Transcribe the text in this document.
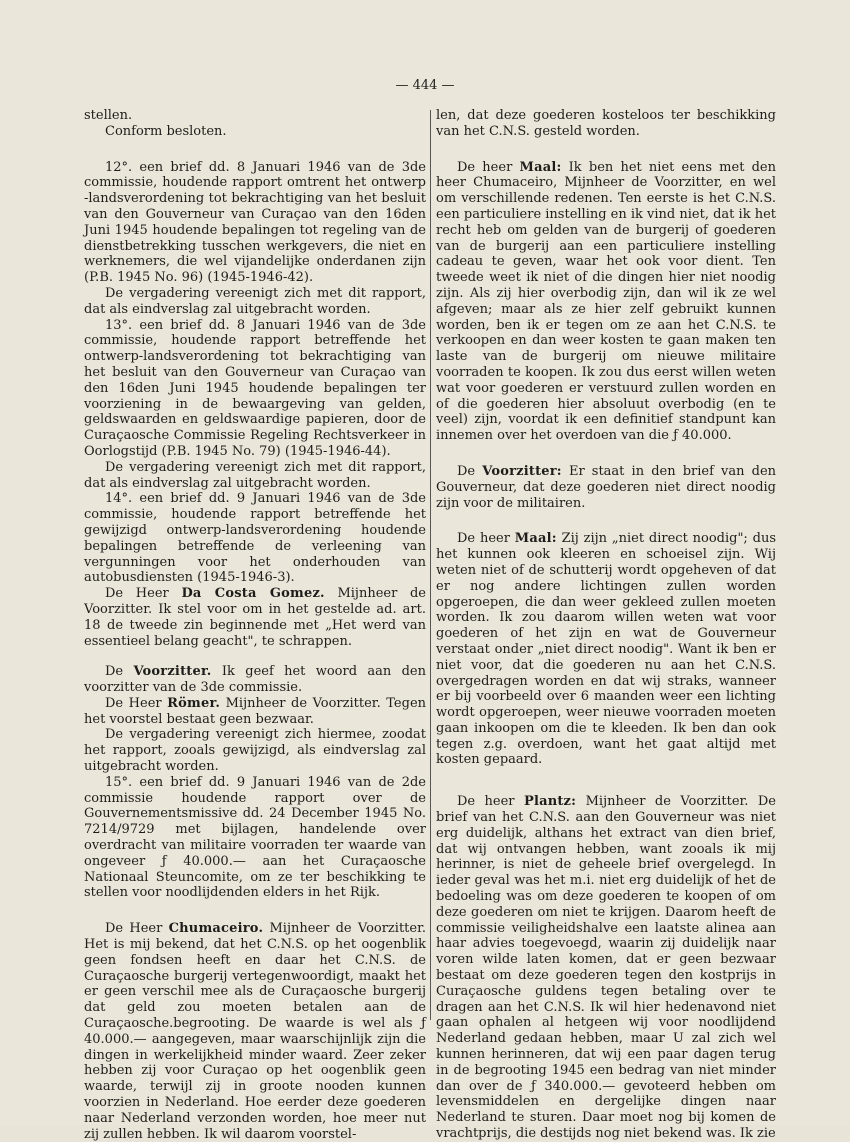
— 444 —

stellen.

Conform besloten.

12°. een brief dd. 8 Januari 1946 van de 3de commissie, houdende rapport omtrent het ontwerp -landsverordening tot bekrachtiging van het besluit van den Gouverneur van Curaçao van den 16den Juni 1945 houdende bepalingen tot regeling van de dienstbetrekking tusschen werkgevers, die niet en werknemers, die wel vijandelijke onderdanen zijn (P.B. 1945 No. 96) (1945-1946-42).

De vergadering vereenigt zich met dit rapport, dat als eindverslag zal uitgebracht worden.

13°. een brief dd. 8 Januari 1946 van de 3de commissie, houdende rapport betreffende het ontwerp-landsverordening tot bekrachtiging van het besluit van den Gouverneur van Curaçao van den 16den Juni 1945 houdende bepalingen ter voorziening in de bewaargeving van gelden, geldswaarden en geldswaardige papieren, door de Curaçaosche Commissie Regeling Rechtsverkeer in Oorlogstijd (P.B. 1945 No. 79) (1945-1946-44).

De vergadering vereenigt zich met dit rapport, dat als eindverslag zal uitgebracht worden.

14°. een brief dd. 9 Januari 1946 van de 3de commissie, houdende rapport betreffende het gewijzigd ontwerp-landsverordening houdende bepalingen betreffende de verleening van vergunningen voor het onderhouden van autobusdiensten (1945-1946-3).

De Heer Da Costa Gomez. Mijnheer de Voorzitter. Ik stel voor om in het gestelde ad. art. 18 de tweede zin beginnende met „Het werd van essentieel belang geacht", te schrappen.

De Voorzitter. Ik geef het woord aan den voorzitter van de 3de commissie.

De Heer Römer. Mijnheer de Voorzitter. Tegen het voorstel bestaat geen bezwaar.

De vergadering vereenigt zich hiermee, zoodat het rapport, zooals gewijzigd, als eindverslag zal uitgebracht worden.

15°. een brief dd. 9 Januari 1946 van de 2de commissie houdende rapport over de Gouvernementsmissive dd. 24 December 1945 No. 7214/9729 met bijlagen, handelende over overdracht van militaire voorraden ter waarde van ongeveer ƒ 40.000.— aan het Curaçaosche Nationaal Steuncomite, om ze ter beschikking te stellen voor noodlijdenden elders in het Rijk.

De Heer Chumaceiro. Mijnheer de Voorzitter. Het is mij bekend, dat het C.N.S. op het oogenblik geen fondsen heeft en daar het C.N.S. de Curaçaosche burgerij vertegenwoordigt, maakt het er geen verschil mee als de Curaçaosche burgerij dat geld zou moeten betalen aan de Curaçaosche.begrooting. De waarde is wel als ƒ 40.000.— aangegeven, maar waarschijnlijk zijn die dingen in werkelijkheid minder waard. Zeer zeker hebben zij voor Curaçao op het oogenblik geen waarde, terwijl zij in groote nooden kunnen voorzien in Nederland. Hoe eerder deze goederen naar Nederland verzonden worden, hoe meer nut zij zullen hebben. Ik wil daarom voorstel-

len, dat deze goederen kosteloos ter beschikking van het C.N.S. gesteld worden.

De heer Maal: Ik ben het niet eens met den heer Chumaceiro, Mijnheer de Voorzitter, en wel om verschillende redenen. Ten eerste is het C.N.S. een particuliere instelling en ik vind niet, dat ik het recht heb om gelden van de burgerij of goederen van de burgerij aan een particuliere instelling cadeau te geven, waar het ook voor dient. Ten tweede weet ik niet of die dingen hier niet noodig zijn. Als zij hier overbodig zijn, dan wil ik ze wel afgeven; maar als ze hier zelf gebruikt kunnen worden, ben ik er tegen om ze aan het C.N.S. te verkoopen en dan weer kosten te gaan maken ten laste van de burgerij om nieuwe militaire voorraden te koopen. Ik zou dus eerst willen weten wat voor goederen er verstuurd zullen worden en of die goederen hier absoluut overbodig (en te veel) zijn, voordat ik een definitief standpunt kan innemen over het overdoen van die ƒ 40.000.

De Voorzitter: Er staat in den brief van den Gouverneur, dat deze goederen niet direct noodig zijn voor de militairen.

De heer Maal: Zij zijn „niet direct noodig"; dus het kunnen ook kleeren en schoeisel zijn. Wij weten niet of de schutterij wordt opgeheven of dat er nog andere lichtingen zullen worden opgeroepen, die dan weer gekleed zullen moeten worden. Ik zou daarom willen weten wat voor goederen of het zijn en wat de Gouverneur verstaat onder „niet direct noodig". Want ik ben er niet voor, dat die goederen nu aan het C.N.S. overgedragen worden en dat wij straks, wanneer er bij voorbeeld over 6 maanden weer een lichting wordt opgeroepen, weer nieuwe voorraden moeten gaan inkoopen om die te kleeden. Ik ben dan ook tegen z.g. overdoen, want het gaat altijd met kosten gepaard.

De heer Plantz: Mijnheer de Voorzitter. De brief van het C.N.S. aan den Gouverneur was niet erg duidelijk, althans het extract van dien brief, dat wij ontvangen hebben, want zooals ik mij herinner, is niet de geheele brief overgelegd. In ieder geval was het m.i. niet erg duidelijk of het de bedoeling was om deze goederen te koopen of om deze goederen om niet te krijgen. Daarom heeft de commissie veiligheidshalve een laatste alinea aan haar advies toegevoegd, waarin zij duidelijk naar voren wilde laten komen, dat er geen bezwaar bestaat om deze goederen tegen den kostprijs in Curaçaosche guldens tegen betaling over te dragen aan het C.N.S. Ik wil hier hedenavond niet gaan ophalen al hetgeen wij voor noodlijdend Nederland gedaan hebben, maar U zal zich wel kunnen herinneren, dat wij een paar dagen terug in de begrooting 1945 een bedrag van niet minder dan over de ƒ 340.000.— gevoteerd hebben om levensmiddelen en dergelijke dingen naar Nederland te sturen. Daar moet nog bij komen de vrachtprijs, die destijds nog niet bekend was. Ik zie
